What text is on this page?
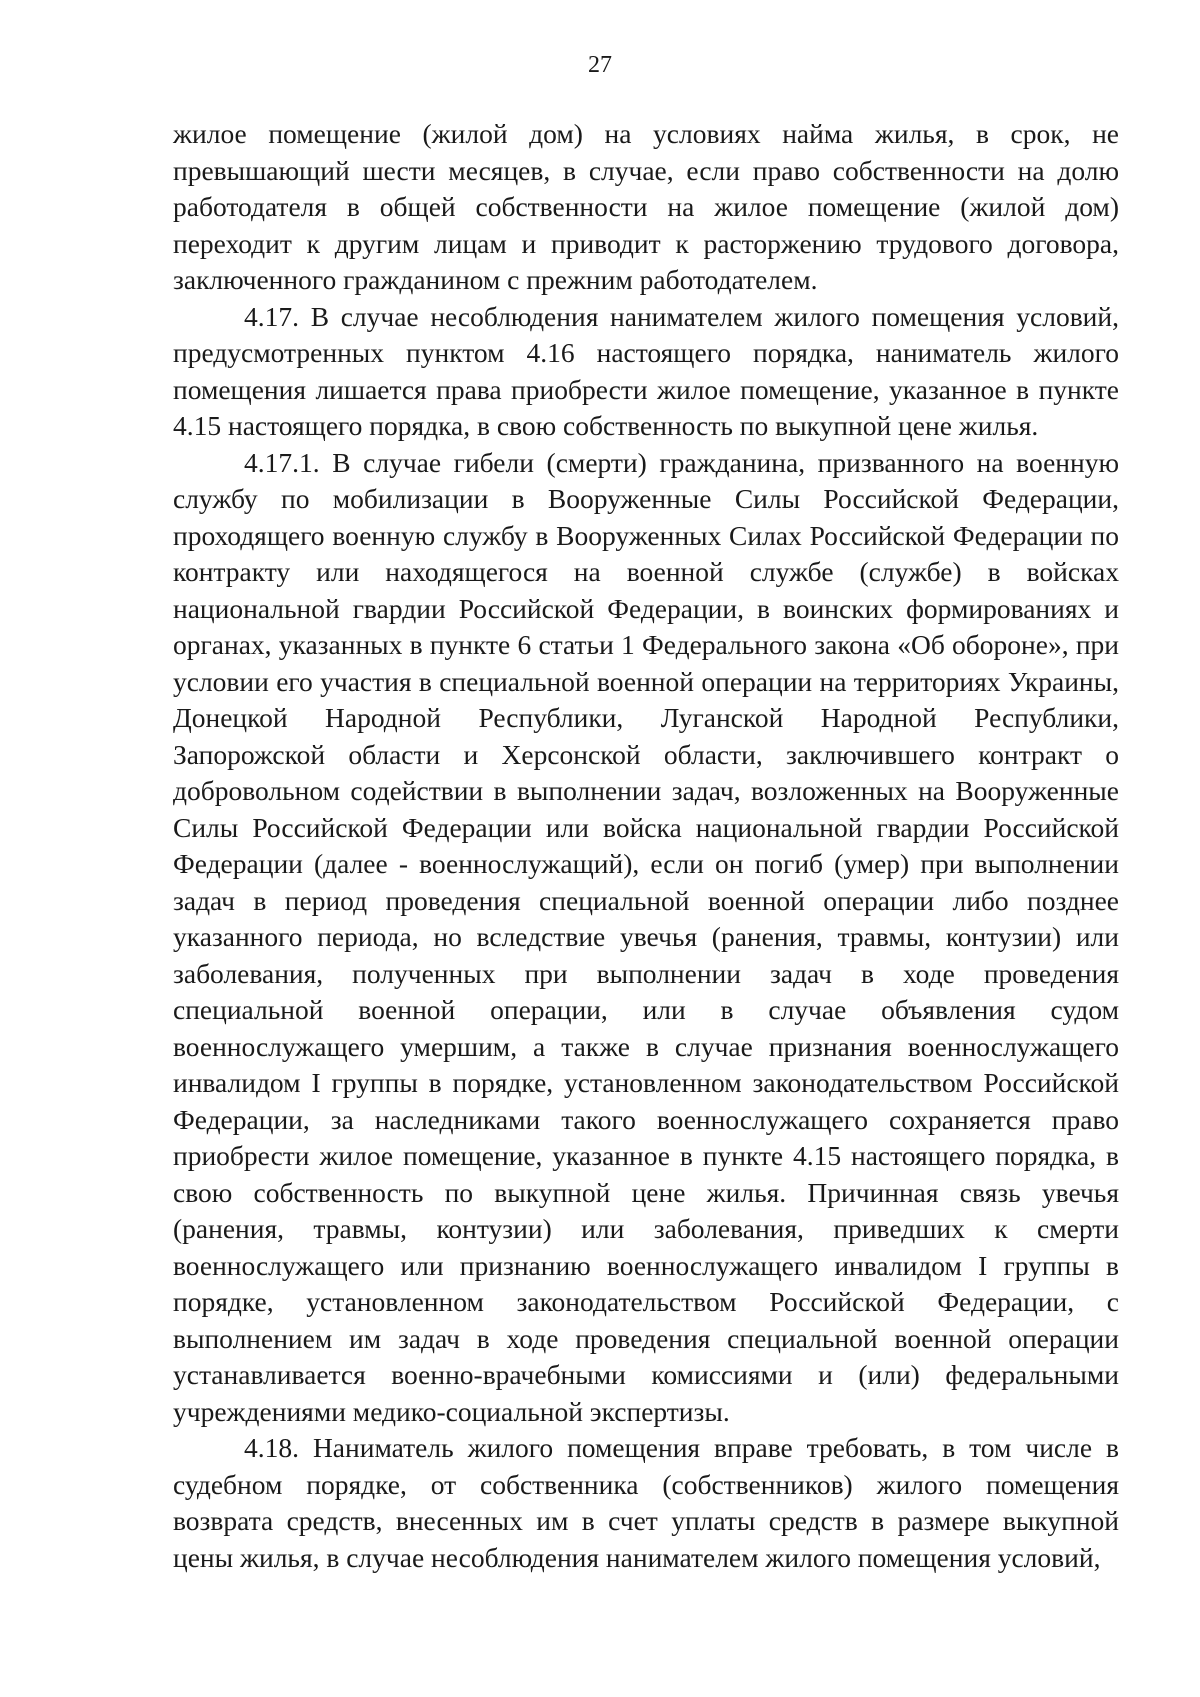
27

жилое помещение (жилой дом) на условиях найма жилья, в срок, не превышающий шести месяцев, в случае, если право собственности на долю работодателя в общей собственности на жилое помещение (жилой дом) переходит к другим лицам и приводит к расторжению трудового договора, заключенного гражданином с прежним работодателем.

4.17. В случае несоблюдения нанимателем жилого помещения условий, предусмотренных пунктом 4.16 настоящего порядка, наниматель жилого помещения лишается права приобрести жилое помещение, указанное в пункте 4.15 настоящего порядка, в свою собственность по выкупной цене жилья.

4.17.1. В случае гибели (смерти) гражданина, призванного на военную службу по мобилизации в Вооруженные Силы Российской Федерации, проходящего военную службу в Вооруженных Силах Российской Федерации по контракту или находящегося на военной службе (службе) в войсках национальной гвардии Российской Федерации, в воинских формированиях и органах, указанных в пункте 6 статьи 1 Федерального закона «Об обороне», при условии его участия в специальной военной операции на территориях Украины, Донецкой Народной Республики, Луганской Народной Республики, Запорожской области и Херсонской области, заключившего контракт о добровольном содействии в выполнении задач, возложенных на Вооруженные Силы Российской Федерации или войска национальной гвардии Российской Федерации (далее - военнослужащий), если он погиб (умер) при выполнении задач в период проведения специальной военной операции либо позднее указанного периода, но вследствие увечья (ранения, травмы, контузии) или заболевания, полученных при выполнении задач в ходе проведения специальной военной операции, или в случае объявления судом военнослужащего умершим, а также в случае признания военнослужащего инвалидом I группы в порядке, установленном законодательством Российской Федерации, за наследниками такого военнослужащего сохраняется право приобрести жилое помещение, указанное в пункте 4.15 настоящего порядка, в свою собственность по выкупной цене жилья. Причинная связь увечья (ранения, травмы, контузии) или заболевания, приведших к смерти военнослужащего или признанию военнослужащего инвалидом I группы в порядке, установленном законодательством Российской Федерации, с выполнением им задач в ходе проведения специальной военной операции устанавливается военно-врачебными комиссиями и (или) федеральными учреждениями медико-социальной экспертизы.

4.18. Наниматель жилого помещения вправе требовать, в том числе в судебном порядке, от собственника (собственников) жилого помещения возврата средств, внесенных им в счет уплаты средств в размере выкупной цены жилья, в случае несоблюдения нанимателем жилого помещения условий,
